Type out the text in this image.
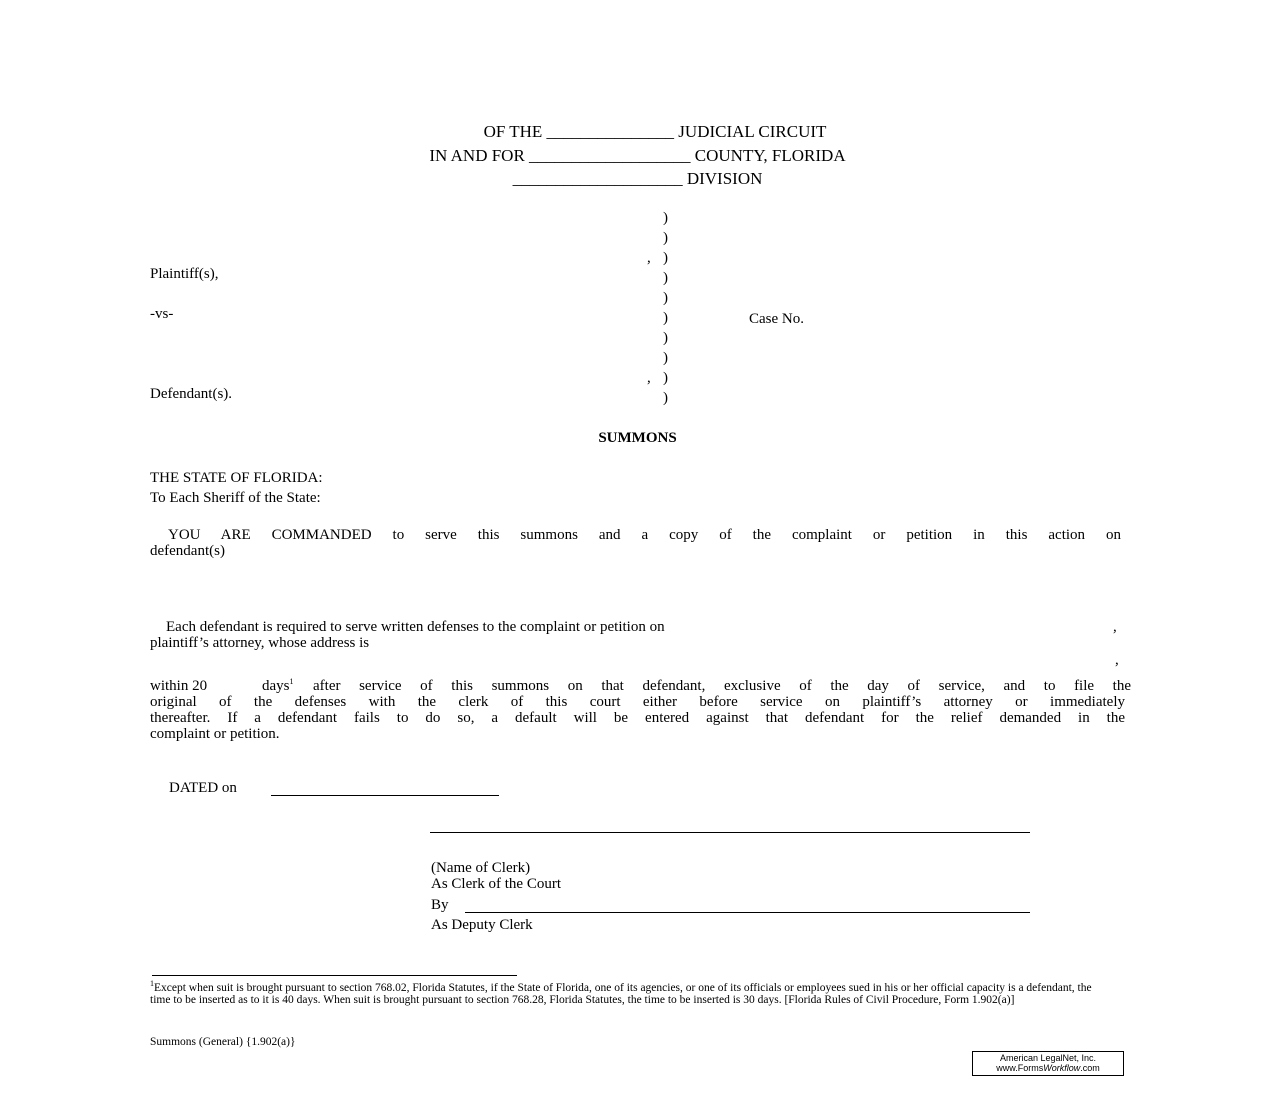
OF THE _______________ JUDICIAL CIRCUIT
IN AND FOR ___________________ COUNTY, FLORIDA
____________________ DIVISION
)
)
)
)
)
)
)
)
)
)
,
,
Plaintiff(s),
-vs-
Defendant(s).
Case No.
SUMMONS
THE STATE OF FLORIDA:
To Each Sheriff of the State:
YOU ARE COMMANDED to serve this summons and a copy of the complaint or petition in this action on
defendant(s)
Each defendant is required to serve written defenses to the complaint or petition on	,
plaintiff’s attorney, whose address is
,
within 20	days$^1$ after service of this summons on that defendant, exclusive of the day of service, and to file the
original of the defenses with the clerk of this court either before service on plaintiff’s attorney or immediately
thereafter. If a defendant fails to do so, a default will be entered against that defendant for the relief demanded in the
complaint or petition.
DATED on
(Name of Clerk)
As Clerk of the Court
By
As Deputy Clerk
$^1$Except when suit is brought pursuant to section 768.02, Florida Statutes, if the State of Florida, one of its agencies, or one of its officials or employees sued in his or her official capacity is a defendant, the time to be inserted as to it is 40 days. When suit is brought pursuant to section 768.28, Florida Statutes, the time to be inserted is 30 days. [Florida Rules of Civil Procedure, Form 1.902(a)]
Summons (General) {1.902(a)}
American LegalNet, Inc.
www.FormsWorkflow.com
